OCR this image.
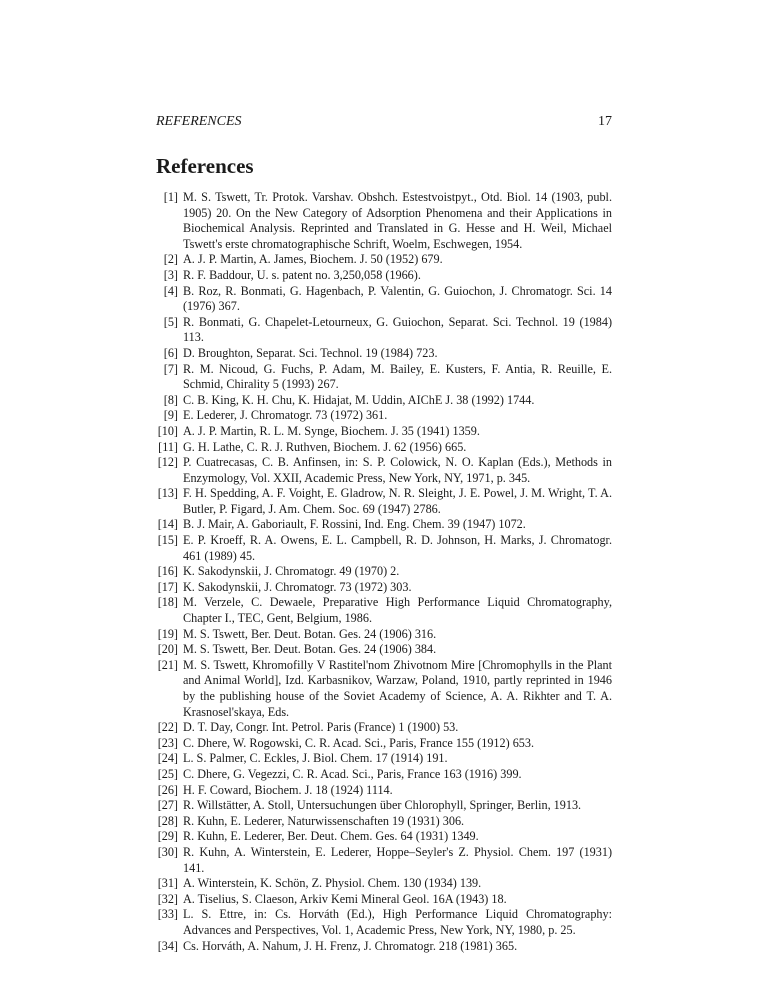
REFERENCES	17
References
[1] M. S. Tswett, Tr. Protok. Varshav. Obshch. Estestvoistpyt., Otd. Biol. 14 (1903, publ. 1905) 20. On the New Category of Adsorption Phenomena and their Applications in Biochemical Analysis. Reprinted and Translated in G. Hesse and H. Weil, Michael Tswett's erste chromatographische Schrift, Woelm, Eschwegen, 1954.
[2] A. J. P. Martin, A. James, Biochem. J. 50 (1952) 679.
[3] R. F. Baddour, U. s. patent no. 3,250,058 (1966).
[4] B. Roz, R. Bonmati, G. Hagenbach, P. Valentin, G. Guiochon, J. Chromatogr. Sci. 14 (1976) 367.
[5] R. Bonmati, G. Chapelet-Letourneux, G. Guiochon, Separat. Sci. Technol. 19 (1984) 113.
[6] D. Broughton, Separat. Sci. Technol. 19 (1984) 723.
[7] R. M. Nicoud, G. Fuchs, P. Adam, M. Bailey, E. Kusters, F. Antia, R. Reuille, E. Schmid, Chirality 5 (1993) 267.
[8] C. B. King, K. H. Chu, K. Hidajat, M. Uddin, AIChE J. 38 (1992) 1744.
[9] E. Lederer, J. Chromatogr. 73 (1972) 361.
[10] A. J. P. Martin, R. L. M. Synge, Biochem. J. 35 (1941) 1359.
[11] G. H. Lathe, C. R. J. Ruthven, Biochem. J. 62 (1956) 665.
[12] P. Cuatrecasas, C. B. Anfinsen, in: S. P. Colowick, N. O. Kaplan (Eds.), Methods in Enzymology, Vol. XXII, Academic Press, New York, NY, 1971, p. 345.
[13] F. H. Spedding, A. F. Voight, E. Gladrow, N. R. Sleight, J. E. Powel, J. M. Wright, T. A. Butler, P. Figard, J. Am. Chem. Soc. 69 (1947) 2786.
[14] B. J. Mair, A. Gaboriault, F. Rossini, Ind. Eng. Chem. 39 (1947) 1072.
[15] E. P. Kroeff, R. A. Owens, E. L. Campbell, R. D. Johnson, H. Marks, J. Chromatogr. 461 (1989) 45.
[16] K. Sakodynskii, J. Chromatogr. 49 (1970) 2.
[17] K. Sakodynskii, J. Chromatogr. 73 (1972) 303.
[18] M. Verzele, C. Dewaele, Preparative High Performance Liquid Chromatography, Chapter I., TEC, Gent, Belgium, 1986.
[19] M. S. Tswett, Ber. Deut. Botan. Ges. 24 (1906) 316.
[20] M. S. Tswett, Ber. Deut. Botan. Ges. 24 (1906) 384.
[21] M. S. Tswett, Khromofilly V Rastitel'nom Zhivotnom Mire [Chromophylls in the Plant and Animal World], Izd. Karbasnikov, Warzaw, Poland, 1910, partly reprinted in 1946 by the publishing house of the Soviet Academy of Science, A. A. Rikhter and T. A. Krasnosel'skaya, Eds.
[22] D. T. Day, Congr. Int. Petrol. Paris (France) 1 (1900) 53.
[23] C. Dhere, W. Rogowski, C. R. Acad. Sci., Paris, France 155 (1912) 653.
[24] L. S. Palmer, C. Eckles, J. Biol. Chem. 17 (1914) 191.
[25] C. Dhere, G. Vegezzi, C. R. Acad. Sci., Paris, France 163 (1916) 399.
[26] H. F. Coward, Biochem. J. 18 (1924) 1114.
[27] R. Willstätter, A. Stoll, Untersuchungen über Chlorophyll, Springer, Berlin, 1913.
[28] R. Kuhn, E. Lederer, Naturwissenschaften 19 (1931) 306.
[29] R. Kuhn, E. Lederer, Ber. Deut. Chem. Ges. 64 (1931) 1349.
[30] R. Kuhn, A. Winterstein, E. Lederer, Hoppe–Seyler's Z. Physiol. Chem. 197 (1931) 141.
[31] A. Winterstein, K. Schön, Z. Physiol. Chem. 130 (1934) 139.
[32] A. Tiselius, S. Claeson, Arkiv Kemi Mineral Geol. 16A (1943) 18.
[33] L. S. Ettre, in: Cs. Horváth (Ed.), High Performance Liquid Chromatography: Advances and Perspectives, Vol. 1, Academic Press, New York, NY, 1980, p. 25.
[34] Cs. Horváth, A. Nahum, J. H. Frenz, J. Chromatogr. 218 (1981) 365.
